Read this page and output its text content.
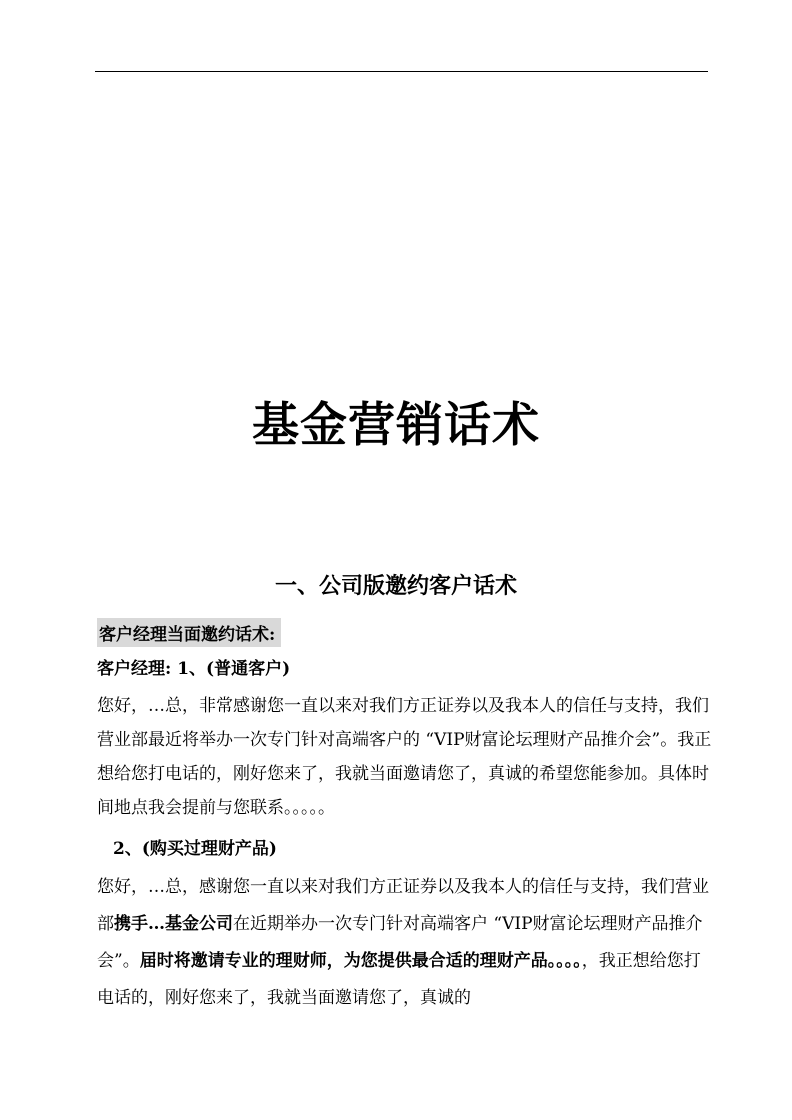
基金营销话术
一、公司版邀约客户话术
客户经理当面邀约话术:
客户经理: 1、(普通客户)
您好，…总，非常感谢您一直以来对我们方正证券以及我本人的信任与支持，我们营业部最近将举办一次专门针对高端客户的 “VIP财富论坛理财产品推介会”。我正想给您打电话的，刚好您来了，我就当面邀请您了，真诚的希望您能参加。具体时间地点我会提前与您联系。。。。。
2、(购买过理财产品)
您好，…总，感谢您一直以来对我们方正证券以及我本人的信任与支持，我们营业部携手…基金公司在近期举办一次专门针对高端客户 “VIP财富论坛理财产品推介会”。届时将邀请专业的理财师，为您提供最合适的理财产品。。。。，我正想给您打电话的，刚好您来了，我就当面邀请您了，真诚的
